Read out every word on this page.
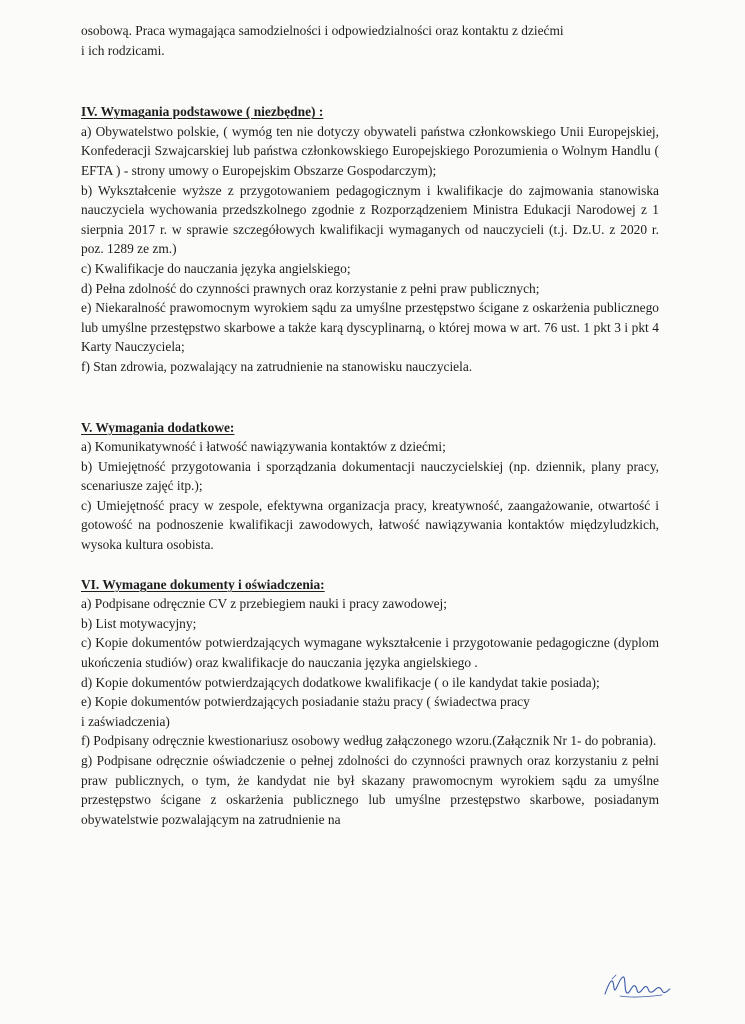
osobową. Praca wymagająca samodzielności i odpowiedzialności oraz kontaktu z dziećmi

i ich rodzicami.

IV. Wymagania podstawowe ( niezbędne) :

a) Obywatelstwo polskie, ( wymóg ten nie dotyczy obywateli państwa członkowskiego Unii Europejskiej, Konfederacji Szwajcarskiej lub państwa członkowskiego Europejskiego Porozumienia o Wolnym Handlu ( EFTA ) - strony umowy o Europejskim Obszarze Gospodarczym);

b) Wykształcenie wyższe z przygotowaniem pedagogicznym i kwalifikacje do zajmowania stanowiska nauczyciela wychowania przedszkolnego zgodnie z Rozporządzeniem Ministra Edukacji Narodowej z 1 sierpnia 2017 r. w sprawie szczegółowych kwalifikacji wymaganych od nauczycieli (t.j. Dz.U. z 2020 r. poz. 1289 ze zm.)

c) Kwalifikacje do nauczania języka angielskiego;

d) Pełna zdolność do czynności prawnych oraz korzystanie z pełni praw publicznych;

e) Niekaralność prawomocnym wyrokiem sądu za umyślne przestępstwo ścigane z oskarżenia publicznego lub umyślne przestępstwo skarbowe a także karą dyscyplinarną, o której mowa w art. 76 ust. 1 pkt 3 i pkt 4 Karty Nauczyciela;

f) Stan zdrowia, pozwalający na zatrudnienie na stanowisku nauczyciela.

V. Wymagania dodatkowe:

a) Komunikatywność i łatwość nawiązywania kontaktów z dziećmi;

b) Umiejętność przygotowania i sporządzania dokumentacji nauczycielskiej (np. dziennik, plany pracy, scenariusze zajęć itp.);

c) Umiejętność pracy w zespole, efektywna organizacja pracy, kreatywność, zaangażowanie, otwartość i gotowość na podnoszenie kwalifikacji zawodowych, łatwość nawiązywania kontaktów międzyludzkich, wysoka kultura osobista.

VI. Wymagane dokumenty i oświadczenia:

a) Podpisane odręcznie CV z przebiegiem nauki i pracy zawodowej;

b) List motywacyjny;

c) Kopie dokumentów potwierdzających wymagane wykształcenie i przygotowanie pedagogiczne (dyplom ukończenia studiów) oraz kwalifikacje do nauczania języka angielskiego .

d) Kopie dokumentów potwierdzających dodatkowe kwalifikacje ( o ile kandydat takie posiada);

e) Kopie dokumentów potwierdzających posiadanie stażu pracy ( świadectwa pracy

i zaświadczenia)

f) Podpisany odręcznie kwestionariusz osobowy według załączonego wzoru.(Załącznik Nr 1- do pobrania).

g) Podpisane odręcznie oświadczenie o pełnej zdolności do czynności prawnych oraz korzystaniu z pełni praw publicznych, o tym, że kandydat nie był skazany prawomocnym wyrokiem sądu za umyślne przestępstwo ścigane z oskarżenia publicznego lub umyślne przestępstwo skarbowe, posiadanym obywatelstwie pozwalającym na zatrudnienie na
